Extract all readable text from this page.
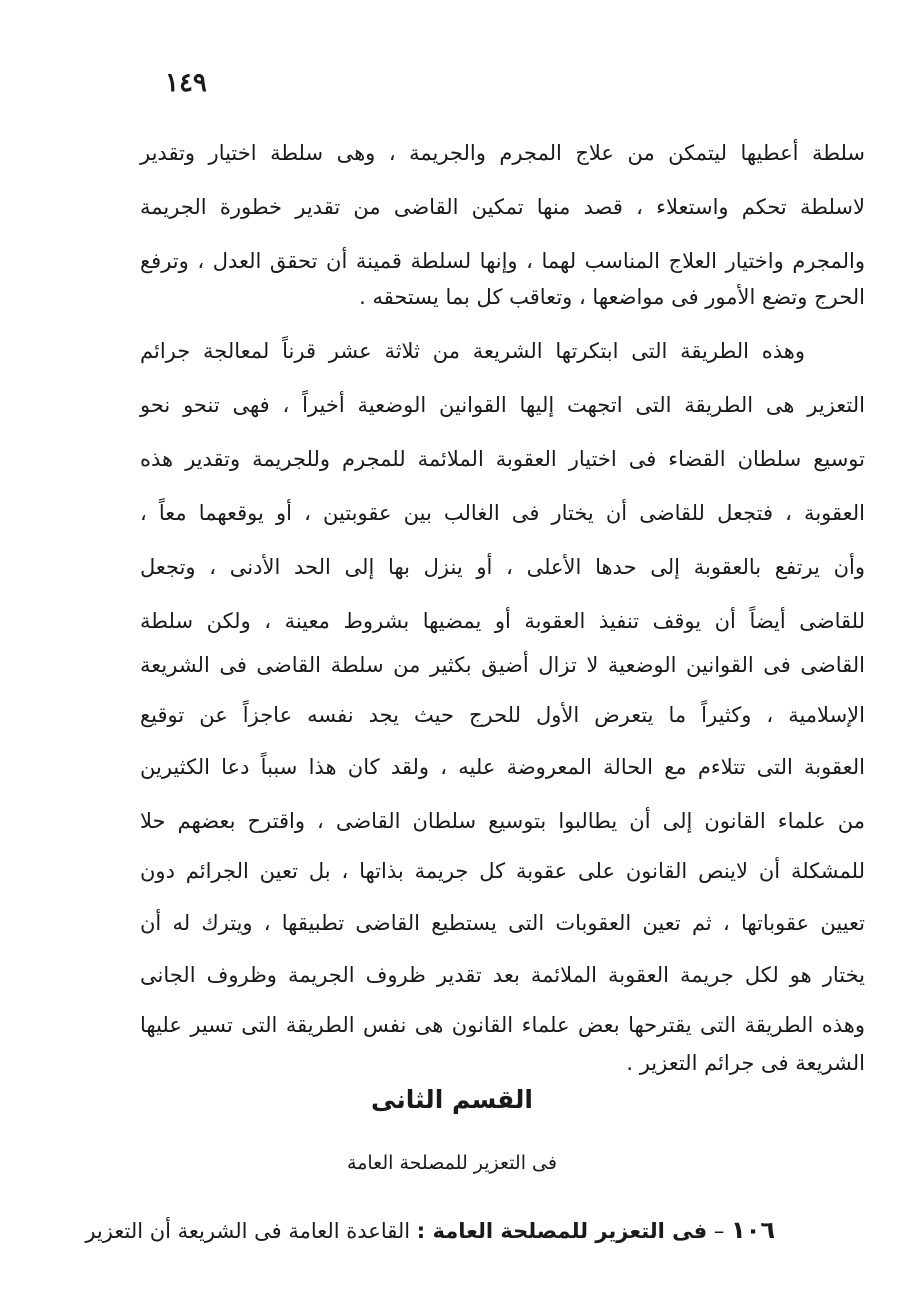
١٤٩
سلطة أعطيها ليتمكن من علاج المجرم والجريمة ، وهى سلطة اختيار وتقدير
لاسلطة تحكم واستعلاء ، قصد منها تمكين القاضى من تقدير خطورة الجريمة
والمجرم واختيار العلاج المناسب لهما ، وإنها لسلطة قمينة أن تحقق العدل ، وترفع
الحرج وتضع الأمور فى مواضعها ، وتعاقب كل بما يستحقه .
وهذه الطريقة التى ابتكرتها الشريعة من ثلاثة عشر قرناً لمعالجة جرائم
التعزير هى الطريقة التى اتجهت إليها القوانين الوضعية أخيراً ، فهى تنحو نحو
توسيع سلطان القضاء فى اختيار العقوبة الملائمة للمجرم وللجريمة وتقدير هذه
العقوبة ، فتجعل للقاضى أن يختار فى الغالب بين عقوبتين ، أو يوقعهما معاً ،
وأن يرتفع بالعقوبة إلى حدها الأعلى ، أو ينزل بها إلى الحد الأدنى ، وتجعل
للقاضى أيضاً أن يوقف تنفيذ العقوبة أو يمضيها بشروط معينة ، ولكن سلطة
القاضى فى القوانين الوضعية لا تزال أضيق بكثير من سلطة القاضى فى الشريعة
الإسلامية ، وكثيراً ما يتعرض الأول للحرج حيث يجد نفسه عاجزاً عن توقيع
العقوبة التى تتلاءم مع الحالة المعروضة عليه ، ولقد كان هذا سبباً دعا الكثيرين
من علماء القانون إلى أن يطالبوا بتوسيع سلطان القاضى ، واقترح بعضهم حلا
للمشكلة أن لاينص القانون على عقوبة كل جريمة بذاتها ، بل تعين الجرائم دون
تعيين عقوباتها ، ثم تعين العقوبات التى يستطيع القاضى تطبيقها ، ويترك له أن
يختار هو لكل جريمة العقوبة الملائمة بعد تقدير ظروف الجريمة وظروف الجانى
وهذه الطريقة التى يقترحها بعض علماء القانون هى نفس الطريقة التى تسير عليها
الشريعة فى جرائم التعزير .
القسم الثانى
فى التعزير للمصلحة العامة
١٠٦ – فى التعزير للمصلحة العامة : القاعدة العامة فى الشريعة أن التعزير
